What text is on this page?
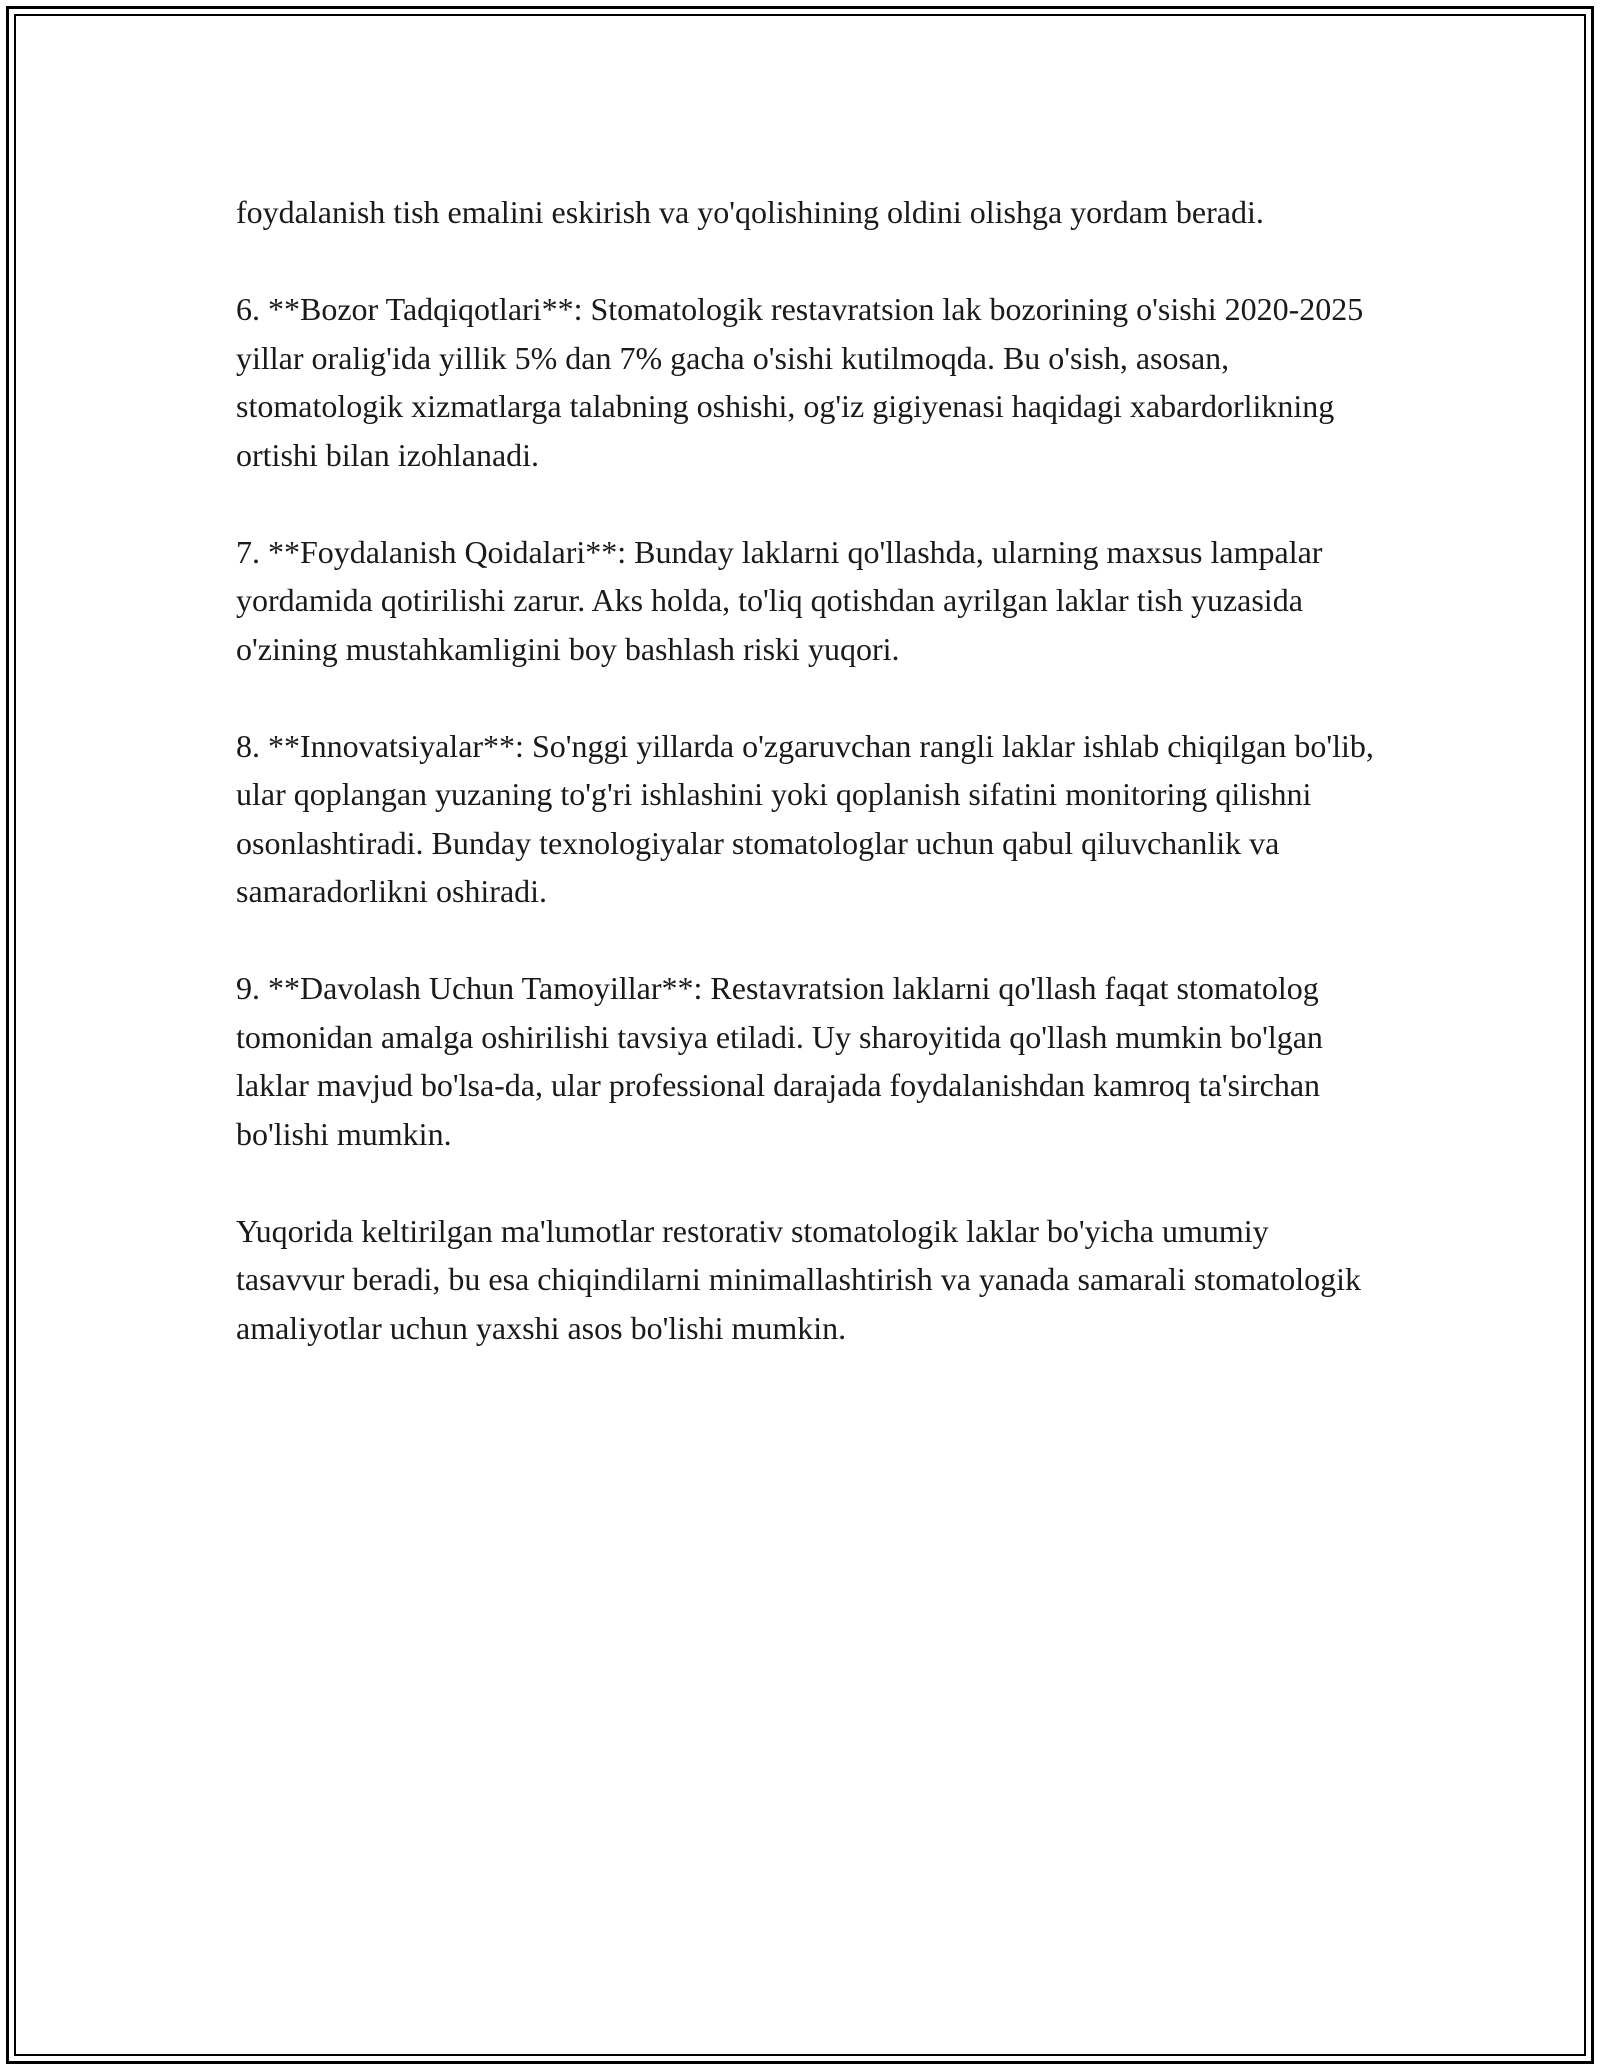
foydalanish tish emalini eskirish va yo'qolishining oldini olishga yordam beradi.

6. **Bozor Tadqiqotlari**: Stomatologik restavratsion lak bozorining o'sishi 2020-2025 yillar oralig'ida yillik 5% dan 7% gacha o'sishi kutilmoqda. Bu o'sish, asosan, stomatologik xizmatlarga talabning oshishi, og'iz gigiyenasi haqidagi xabardorlikning ortishi bilan izohlanadi.

7. **Foydalanish Qoidalari**: Bunday laklarni qo'llashda, ularning maxsus lampalar yordamida qotirilishi zarur. Aks holda, to'liq qotishdan ayrilgan laklar tish yuzasida o'zining mustahkamligini boy bashlash riski yuqori.

8. **Innovatsiyalar**: So'nggi yillarda o'zgaruvchan rangli laklar ishlab chiqilgan bo'lib, ular qoplangan yuzaning to'g'ri ishlashini yoki qoplanish sifatini monitoring qilishni osonlashtiradi. Bunday texnologiyalar stomatologlar uchun qabul qiluvchanlik va samaradorlikni oshiradi.

9. **Davolash Uchun Tamoyillar**: Restavratsion laklarni qo'llash faqat stomatolog tomonidan amalga oshirilishi tavsiya etiladi. Uy sharoyitida qo'llash mumkin bo'lgan laklar mavjud bo'lsa-da, ular professional darajada foydalanishdan kamroq ta'sirchan bo'lishi mumkin.

Yuqorida keltirilgan ma'lumotlar restorativ stomatologik laklar bo'yicha umumiy tasavvur beradi, bu esa chiqindilarni minimallashtirish va yanada samarali stomatologik amaliyotlar uchun yaxshi asos bo'lishi mumkin.
